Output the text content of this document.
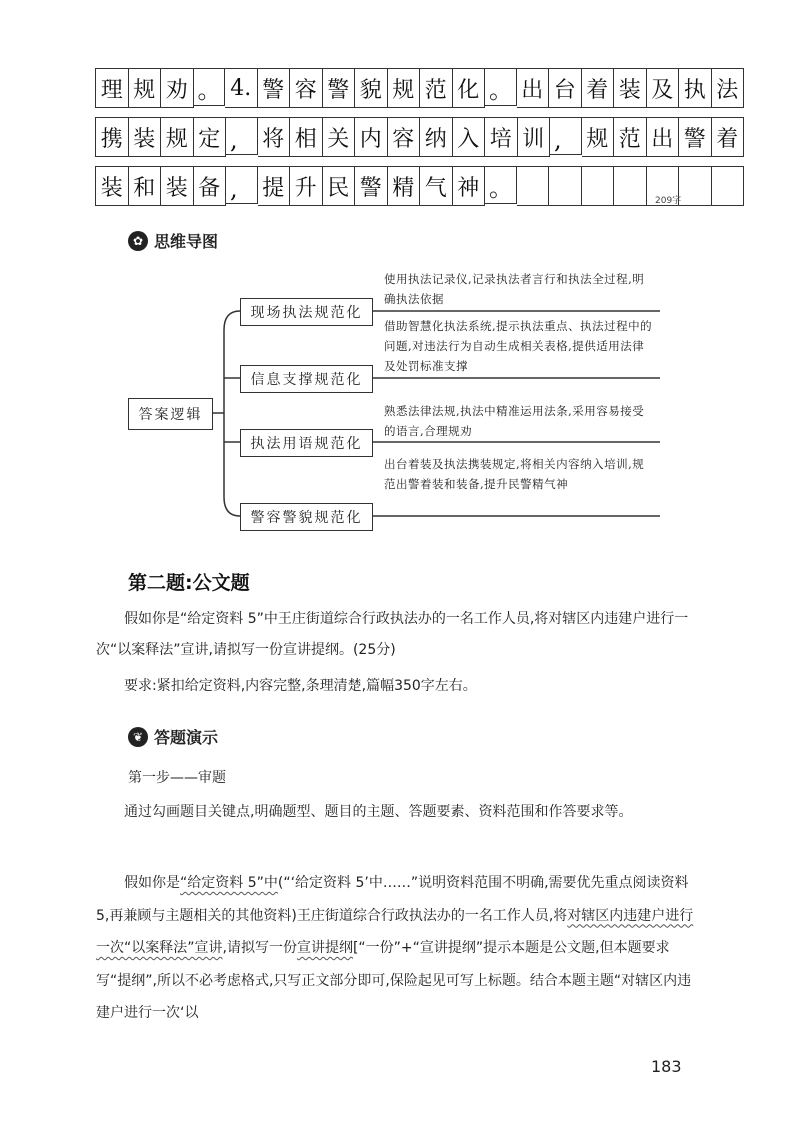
理 规 劝 。 4. 警 容 警 貌 规 范 化 。 出 台 着 装 及 执 法
携 装 规 定 ,	将 相 关 内 容 纳 入 培 训 ,	规 范 出 警 着
装 和 装 备 ,	提 升 民 警 精 气 神 。	209字
✿ 思维导图
答案逻辑
现场执法规范化
信息支撑规范化
执法用语规范化
警容警貌规范化
使用执法记录仪,记录执法者言行和执法全过程,明确执法依据
借助智慧化执法系统,提示执法重点、执法过程中的问题,对违法行为自动生成相关表格,提供适用法律及处罚标准支撑
熟悉法律法规,执法中精准运用法条,采用容易接受的语言,合理规劝
出台着装及执法携装规定,将相关内容纳入培训,规范出警着装和装备,提升民警精气神
第二题:公文题
假如你是“给定资料 5”中王庄街道综合行政执法办的一名工作人员,将对辖区内违建户进行一次“以案释法”宣讲,请拟写一份宣讲提纲。(25分)
要求:紧扣给定资料,内容完整,条理清楚,篇幅350字左右。
❦ 答题演示
第一步——审题
通过勾画题目关键点,明确题型、题目的主题、答题要素、资料范围和作答要求等。
假如你是“给定资料 5”中(“‘给定资料 5’中……”说明资料范围不明确,需要优先重点阅读资料 5,再兼顾与主题相关的其他资料)王庄街道综合行政执法办的一名工作人员,将对辖区内违建户进行一次“以案释法”宣讲,请拟写一份宣讲提纲[“一份”+“宣讲提纲”提示本题是公文题,但本题要求写“提纲”,所以不必考虑格式,只写正文部分即可,保险起见可写上标题。结合本题主题“对辖区内违建户进行一次‘以
183
